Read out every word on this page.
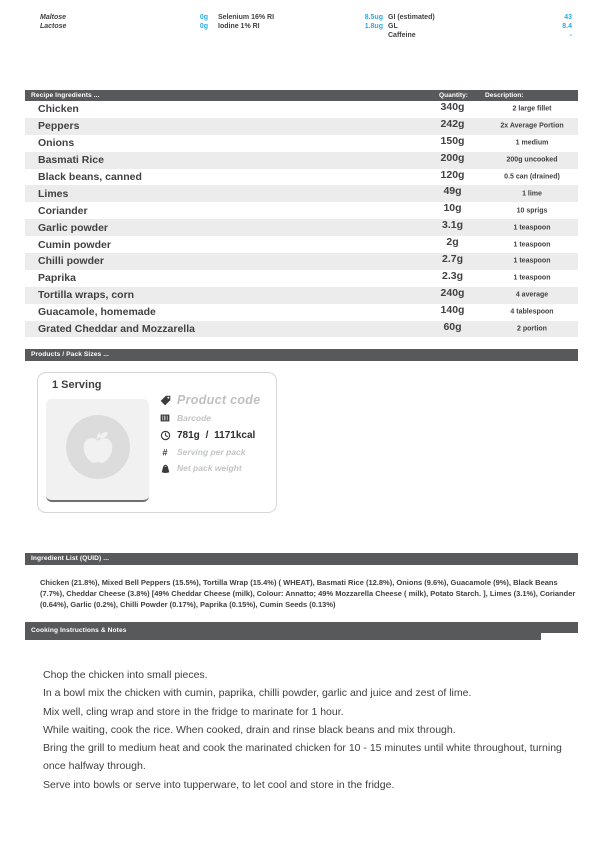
Maltose	0g
Lactose	0g
Selenium 16% RI	8.5ug
Iodine 1% RI	1.8ug
GI (estimated)	43
GL	8.4
Caffeine	-
Recipe Ingredients ...	Quantity:	Description:
Chicken	340g	2 large fillet
Peppers	242g	2x Average Portion
Onions	150g	1 medium
Basmati Rice	200g	200g uncooked
Black beans, canned	120g	0.5 can (drained)
Limes	49g	1 lime
Coriander	10g	10 sprigs
Garlic powder	3.1g	1 teaspoon
Cumin powder	2g	1 teaspoon
Chilli powder	2.7g	1 teaspoon
Paprika	2.3g	1 teaspoon
Tortilla wraps, corn	240g	4 average
Guacamole, homemade	140g	4 tablespoon
Grated Cheddar and Mozzarella	60g	2 portion
Products / Pack Sizes ...
1 Serving
Product code
Barcode
781g / 1171kcal
# Serving per pack
Net pack weight
Ingredient List (QUID) ...
Chicken (21.8%), Mixed Bell Peppers (15.5%), Tortilla Wrap (15.4%) ( WHEAT), Basmati Rice (12.8%), Onions (9.6%), Guacamole (9%), Black Beans (7.7%), Cheddar Cheese (3.8%) [49% Cheddar Cheese (milk), Colour: Annatto; 49% Mozzarella Cheese ( milk), Potato Starch. ], Limes (3.1%), Coriander (0.64%), Garlic (0.2%), Chilli Powder (0.17%), Paprika (0.15%), Cumin Seeds (0.13%)
Cooking Instructions & Notes

Chop the chicken into small pieces.

In a bowl mix the chicken with cumin, paprika, chilli powder, garlic and juice and zest of lime.

Mix well, cling wrap and store in the fridge to marinate for 1 hour.

While waiting, cook the rice. When cooked, drain and rinse black beans and mix through.

Bring the grill to medium heat and cook the marinated chicken for 10 - 15 minutes until white throughout, turning

once halfway through.

Serve into bowls or serve into tupperware, to let cool and store in the fridge.
